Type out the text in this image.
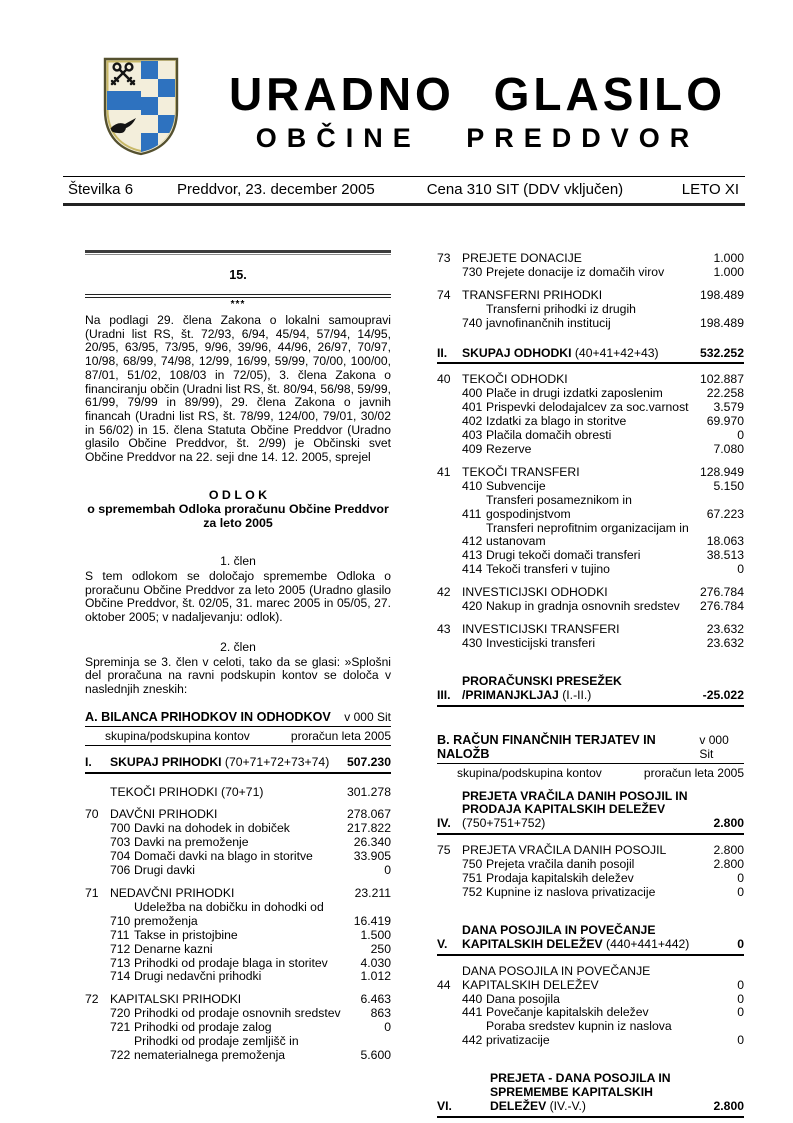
URADNO GLASILO
OBČINE PREDDVOR
Številka 6	Preddvor, 23. december 2005	Cena 310 SIT (DDV vključen)	LETO XI
15.
***

Na podlagi 29. člena Zakona o lokalni samoupravi (Uradni list RS, št. 72/93, 6/94, 45/94, 57/94, 14/95, 20/95, 63/95, 73/95, 9/96, 39/96, 44/96, 26/97, 70/97, 10/98, 68/99, 74/98, 12/99, 16/99, 59/99, 70/00, 100/00, 87/01, 51/02, 108/03 in 72/05), 3. člena Zakona o financiranju občin (Uradni list RS, št. 80/94, 56/98, 59/99, 61/99, 79/99 in 89/99), 29. člena Zakona o javnih financah (Uradni list RS, št. 78/99, 124/00, 79/01, 30/02 in 56/02) in 15. člena Statuta Občine Preddvor (Uradno glasilo Občine Preddvor, št. 2/99) je Občinski svet Občine Preddvor na 22. seji dne 14. 12. 2005, sprejel

O D L O K
o spremembah Odloka proračunu Občine Preddvor
za leto 2005
1. člen

S tem odlokom se določajo spremembe Odloka o proračunu Občine Preddvor za leto 2005 (Uradno glasilo Občine Preddvor, št. 02/05, 31. marec 2005 in 05/05, 27. oktober 2005; v nadaljevanju: odlok).

2. člen

Spreminja se 3. člen v celoti, tako da se glasi: »Splošni del proračuna na ravni podskupin kontov se določa v naslednjih zneskih:

A. BILANCA PRIHODKOV IN ODHODKOV v 000 Sit
skupina/podskupina kontov	proračun leta 2005
I.	SKUPAJ PRIHODKI (70+71+72+73+74)	507.230
TEKOČI PRIHODKI (70+71)	301.278
70 DAVČNI PRIHODKI	278.067
700 Davki na dohodek in dobiček	217.822
703 Davki na premoženje	26.340
704 Domači davki na blago in storitve	33.905
706 Drugi davki	0
71 NEDAVČNI PRIHODKI	23.211
710
Udeležba na dobičku in dohodki od premoženja	16.419
711 Takse in pristojbine	1.500
712 Denarne kazni	250
713 Prihodki od prodaje blaga in storitev	4.030
714 Drugi nedavčni prihodki	1.012
72 KAPITALSKI PRIHODKI	6.463
720 Prihodki od prodaje osnovnih sredstev	863
721 Prihodki od prodaje zalog	0
722
Prihodki od prodaje zemljišč in nematerialnega premoženja	5.600
73 PREJETE DONACIJE	1.000
730 Prejete donacije iz domačih virov	1.000
74 TRANSFERNI PRIHODKI	198.489
740
Transferni prihodki iz drugih javnofinančnih institucij	198.489
II.	SKUPAJ ODHODKI (40+41+42+43)	532.252
40 TEKOČI ODHODKI	102.887
400 Plače in drugi izdatki zaposlenim	22.258
401 Prispevki delodajalcev za soc.varnost	3.579
402 Izdatki za blago in storitve	69.970
403 Plačila domačih obresti	0
409 Rezerve	7.080
41 TEKOČI TRANSFERI	128.949
410 Subvencije	5.150
411
Transferi posameznikom in gospodinjstvom	67.223
412
Transferi neprofitnim organizacijam in ustanovam	18.063
413 Drugi tekoči domači transferi	38.513
414 Tekoči transferi v tujino	0
42 INVESTICIJSKI ODHODKI	276.784
420 Nakup in gradnja osnovnih sredstev	276.784
43 INVESTICIJSKI TRANSFERI	23.632
430 Investicijski transferi	23.632
III.
PRORAČUNSKI PRESEŽEK /PRIMANJKLJAJ (I.-II.)	-25.022
B. RAČUN FINANČNIH TERJATEV IN NALOŽB
v 000 Sit
skupina/podskupina kontov	proračun leta 2005
IV.
PREJETA VRAČILA DANIH POSOJIL IN PRODAJA KAPITALSKIH DELEŽEV (750+751+752)	2.800
75 PREJETA VRAČILA DANIH POSOJIL	2.800
750 Prejeta vračila danih posojil	2.800
751 Prodaja kapitalskih deležev	0
752 Kupnine iz naslova privatizacije	0
V.
DANA POSOJILA IN POVEČANJE KAPITALSKIH DELEŽEV (440+441+442)	0
44
DANA POSOJILA IN POVEČANJE KAPITALSKIH DELEŽEV	0
440 Dana posojila	0
441 Povečanje kapitalskih deležev	0
442
Poraba sredstev kupnin iz naslova privatizacije	0
VI.
PREJETA - DANA POSOJILA IN SPREMEMBE KAPITALSKIH DELEŽEV (IV.-V.)	2.800
